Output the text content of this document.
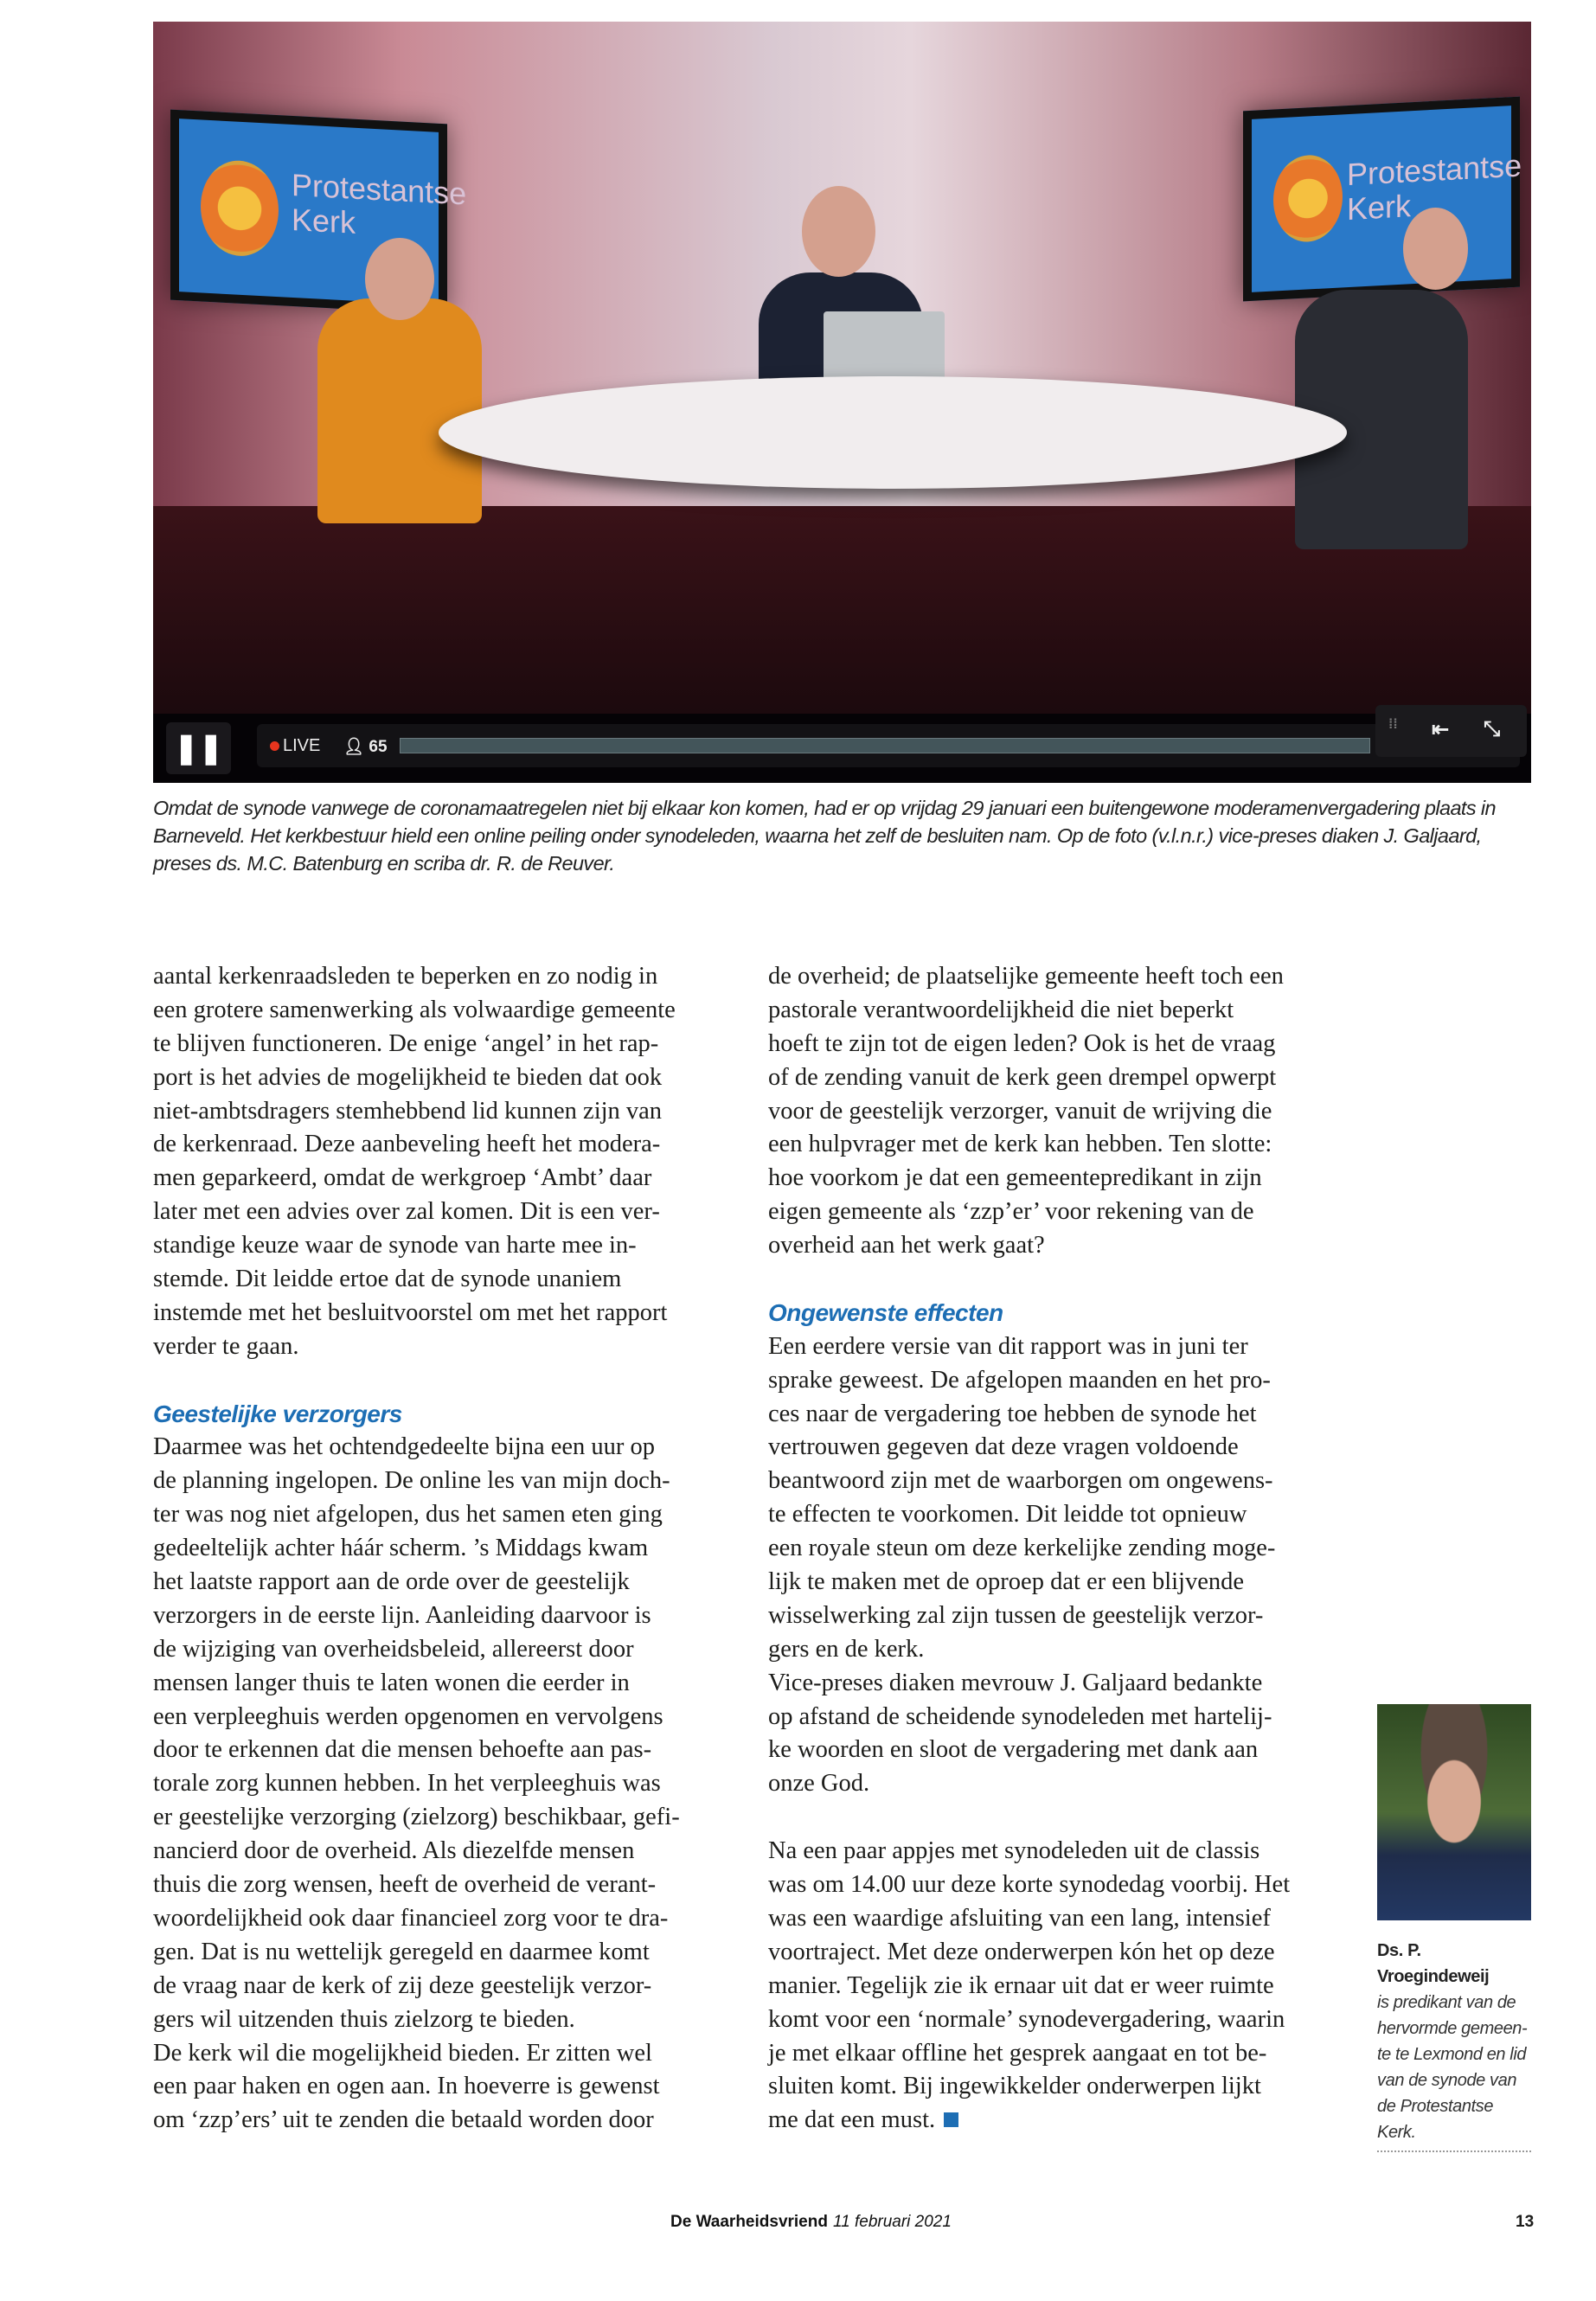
Protestantse
Kerk
Protestantse
Kerk
❚❚	LIVE 👤︎ 65
⁞⁞ ⇤ ⤡
Omdat de synode vanwege de coronamaatregelen niet bij elkaar kon komen, had er op vrijdag 29 januari een buitengewone moderamenvergadering plaats in Barneveld. Het kerkbestuur hield een online peiling onder synodeleden, waarna het zelf de besluiten nam. Op de foto (v.l.n.r.) vice-preses diaken J. Galjaard, preses ds. M.C. Batenburg en scriba dr. R. de Reuver.
aantal kerkenraadsleden te beperken en zo nodig in
een grotere samenwerking als volwaardige gemeente
te blijven functioneren. De enige ‘angel’ in het rap-
port is het advies de mogelijkheid te bieden dat ook
niet-ambtsdragers stemhebbend lid kunnen zijn van
de kerkenraad. Deze aanbeveling heeft het modera-
men geparkeerd, omdat de werkgroep ‘Ambt’ daar
later met een advies over zal komen. Dit is een ver-
standige keuze waar de synode van harte mee in-
stemde. Dit leidde ertoe dat de synode unaniem
instemde met het besluitvoorstel om met het rapport
verder te gaan.
Geestelijke verzorgers
Daarmee was het ochtendgedeelte bijna een uur op
de planning ingelopen. De online les van mijn doch-
ter was nog niet afgelopen, dus het samen eten ging
gedeeltelijk achter háár scherm. ’s Middags kwam
het laatste rapport aan de orde over de geestelijk
verzorgers in de eerste lijn. Aanleiding daarvoor is
de wijziging van overheidsbeleid, allereerst door
mensen langer thuis te laten wonen die eerder in
een verpleeghuis werden opgenomen en vervolgens
door te erkennen dat die mensen behoefte aan pas-
torale zorg kunnen hebben. In het verpleeghuis was
er geestelijke verzorging (zielzorg) beschikbaar, gefi-
nancierd door de overheid. Als diezelfde mensen
thuis die zorg wensen, heeft de overheid de verant-
woordelijkheid ook daar financieel zorg voor te dra-
gen. Dat is nu wettelijk geregeld en daarmee komt
de vraag naar de kerk of zij deze geestelijk verzor-
gers wil uitzenden thuis zielzorg te bieden.
De kerk wil die mogelijkheid bieden. Er zitten wel
een paar haken en ogen aan. In hoeverre is gewenst
om ‘zzp’ers’ uit te zenden die betaald worden door
de overheid; de plaatselijke gemeente heeft toch een
pastorale verantwoordelijkheid die niet beperkt
hoeft te zijn tot de eigen leden? Ook is het de vraag
of de zending vanuit de kerk geen drempel opwerpt
voor de geestelijk verzorger, vanuit de wrijving die
een hulpvrager met de kerk kan hebben. Ten slotte:
hoe voorkom je dat een gemeentepredikant in zijn
eigen gemeente als ‘zzp’er’ voor rekening van de
overheid aan het werk gaat?
Ongewenste effecten
Een eerdere versie van dit rapport was in juni ter
sprake geweest. De afgelopen maanden en het pro-
ces naar de vergadering toe hebben de synode het
vertrouwen gegeven dat deze vragen voldoende
beantwoord zijn met de waarborgen om ongewens-
te effecten te voorkomen. Dit leidde tot opnieuw
een royale steun om deze kerkelijke zending moge-
lijk te maken met de oproep dat er een blijvende
wisselwerking zal zijn tussen de geestelijk verzor-
gers en de kerk.
Vice-preses diaken mevrouw J. Galjaard bedankte
op afstand de scheidende synodeleden met hartelij-
ke woorden en sloot de vergadering met dank aan
onze God.
Na een paar appjes met synodeleden uit de classis
was om 14.00 uur deze korte synodedag voorbij. Het
was een waardige afsluiting van een lang, intensief
voortraject. Met deze onderwerpen kón het op deze
manier. Tegelijk zie ik ernaar uit dat er weer ruimte
komt voor een ‘normale’ synodevergadering, waarin
je met elkaar offline het gesprek aangaat en tot be-
sluiten komt. Bij ingewikkelder onderwerpen lijkt
me dat een must.
Ds. P. Vroegindeweij
is predikant van de hervormde gemeen-te te Lexmond en lid van de synode van de Protestantse Kerk.
De Waarheidsvriend 11 februari 2021	13
